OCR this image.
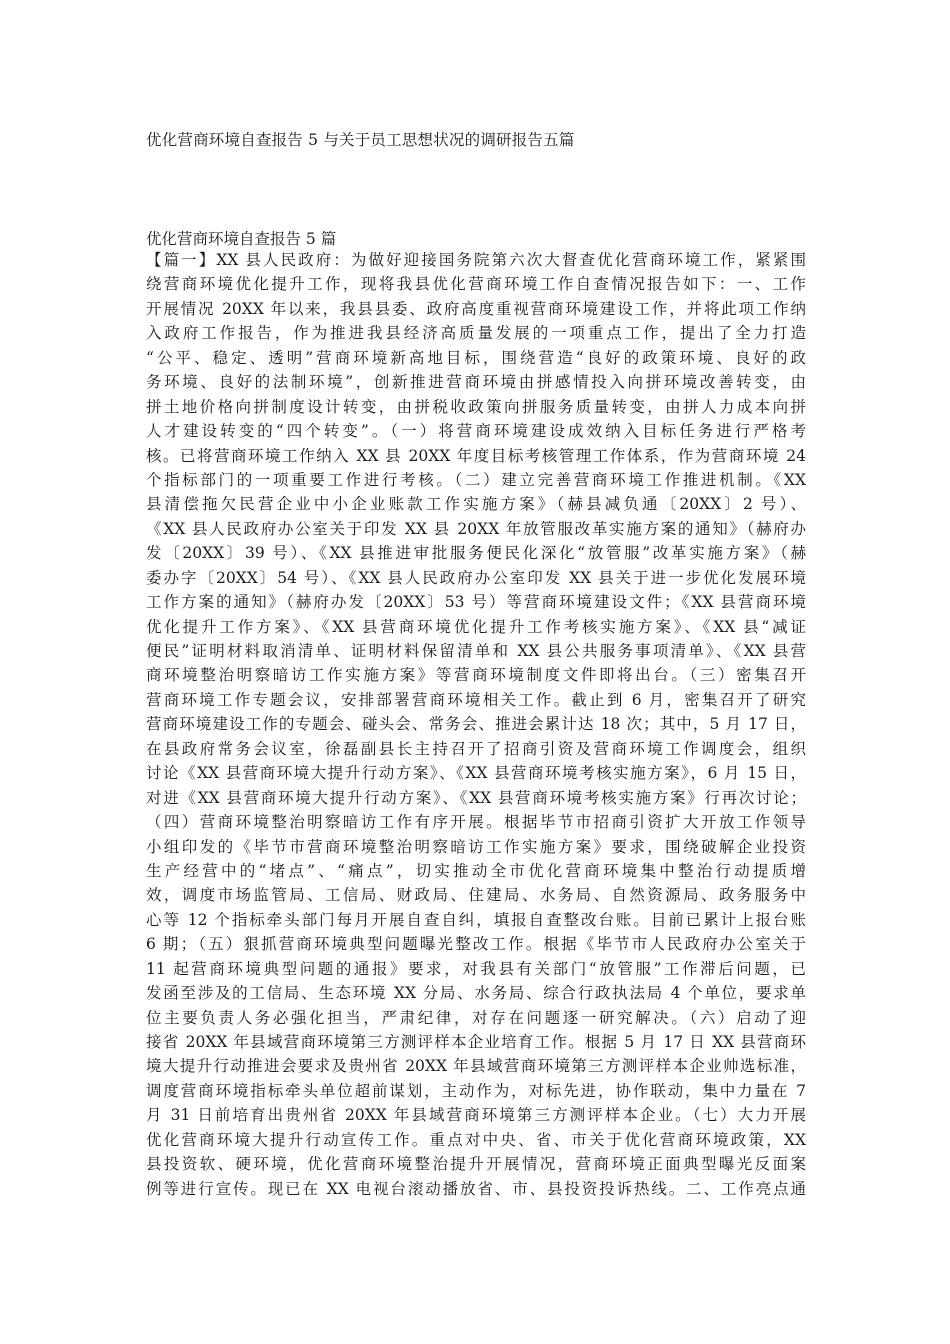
优化营商环境自查报告 5 与关于员工思想状况的调研报告五篇
优化营商环境自查报告 5 篇
【篇一】XX 县人民政府：为做好迎接国务院第六次大督查优化营商环境工作，紧紧围
绕营商环境优化提升工作，现将我县优化营商环境工作自查情况报告如下：一、工作
开展情况 20XX 年以来，我县县委、政府高度重视营商环境建设工作，并将此项工作纳
入政府工作报告，作为推进我县经济高质量发展的一项重点工作，提出了全力打造
“公平、稳定、透明”营商环境新高地目标，围绕营造“良好的政策环境、良好的政
务环境、良好的法制环境”，创新推进营商环境由拼感情投入向拼环境改善转变，由
拼土地价格向拼制度设计转变，由拼税收政策向拼服务质量转变，由拼人力成本向拼
人才建设转变的“四个转变”。（一）将营商环境建设成效纳入目标任务进行严格考
核。已将营商环境工作纳入 XX 县 20XX 年度目标考核管理工作体系，作为营商环境 24
个指标部门的一项重要工作进行考核。（二）建立完善营商环境工作推进机制。《XX
县清偿拖欠民营企业中小企业账款工作实施方案》（赫县减负通〔20XX〕2 号）、
《XX 县人民政府办公室关于印发 XX 县 20XX 年放管服改革实施方案的通知》（赫府办
发〔20XX〕39 号）、《XX 县推进审批服务便民化深化“放管服”改革实施方案》（赫
委办字〔20XX〕54 号）、《XX 县人民政府办公室印发 XX 县关于进一步优化发展环境
工作方案的通知》（赫府办发〔20XX〕53 号）等营商环境建设文件；《XX 县营商环境
优化提升工作方案》、《XX 县营商环境优化提升工作考核实施方案》、《XX 县“减证
便民”证明材料取消清单、证明材料保留清单和 XX 县公共服务事项清单》、《XX 县营
商环境整治明察暗访工作实施方案》等营商环境制度文件即将出台。（三）密集召开
营商环境工作专题会议，安排部署营商环境相关工作。截止到 6 月，密集召开了研究
营商环境建设工作的专题会、碰头会、常务会、推进会累计达 18 次；其中，5 月 17 日，
在县政府常务会议室，徐磊副县长主持召开了招商引资及营商环境工作调度会，组织
讨论《XX 县营商环境大提升行动方案》、《XX 县营商环境考核实施方案》，6 月 15 日，
对进《XX 县营商环境大提升行动方案》、《XX 县营商环境考核实施方案》行再次讨论；
（四）营商环境整治明察暗访工作有序开展。根据毕节市招商引资扩大开放工作领导
小组印发的《毕节市营商环境整治明察暗访工作实施方案》要求，围绕破解企业投资
生产经营中的“堵点”、“痛点”，切实推动全市优化营商环境集中整治行动提质增
效，调度市场监管局、工信局、财政局、住建局、水务局、自然资源局、政务服务中
心等 12 个指标牵头部门每月开展自查自纠，填报自查整改台账。目前已累计上报台账
6 期；（五）狠抓营商环境典型问题曝光整改工作。根据《毕节市人民政府办公室关于
11 起营商环境典型问题的通报》要求，对我县有关部门“放管服”工作滞后问题，已
发函至涉及的工信局、生态环境 XX 分局、水务局、综合行政执法局 4 个单位，要求单
位主要负责人务必强化担当，严肃纪律，对存在问题逐一研究解决。（六）启动了迎
接省 20XX 年县域营商环境第三方测评样本企业培育工作。根据 5 月 17 日 XX 县营商环
境大提升行动推进会要求及贵州省 20XX 年县域营商环境第三方测评样本企业帅选标准，
调度营商环境指标牵头单位超前谋划，主动作为，对标先进，协作联动，集中力量在 7
月 31 日前培育出贵州省 20XX 年县域营商环境第三方测评样本企业。（七）大力开展
优化营商环境大提升行动宣传工作。重点对中央、省、市关于优化营商环境政策，XX
县投资软、硬环境，优化营商环境整治提升开展情况，营商环境正面典型曝光反面案
例等进行宣传。现已在 XX 电视台滚动播放省、市、县投资投诉热线。二、工作亮点通
